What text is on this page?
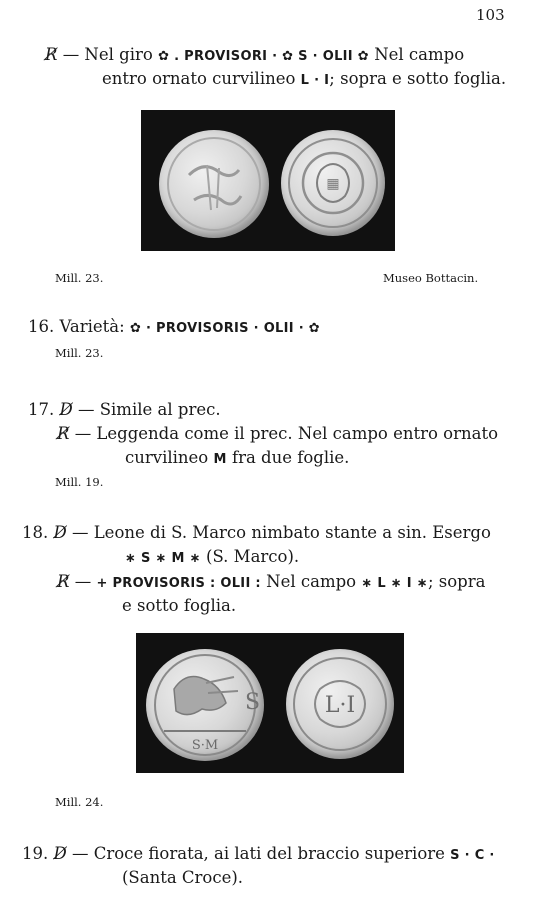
103
R̸ — Nel giro ✿ . PROVISORI · ✿ S · OLII ✿ Nel campo
entro ornato curvilineo L · I; sopra e sotto foglia.
▦
Mill. 23.	Museo Bottacin.
16. Varietà: ✿ · PROVISORIS · OLII · ✿
Mill. 23.
17. D̸ — Simile al prec.
R̸ — Leggenda come il prec. Nel campo entro ornato
curvilineo M fra due foglie.
Mill. 19.
18. D̸ — Leone di S. Marco nimbato stante a sin. Esergo
∗ S ∗ M ∗ (S. Marco).
R̸ — + PROVISORIS : OLII : Nel campo ∗ L ∗ I ∗; sopra
e sotto foglia.
S
S·M
L·I
Mill. 24.
19. D̸ — Croce fiorata, ai lati del braccio superiore S · C ·
(Santa Croce).
